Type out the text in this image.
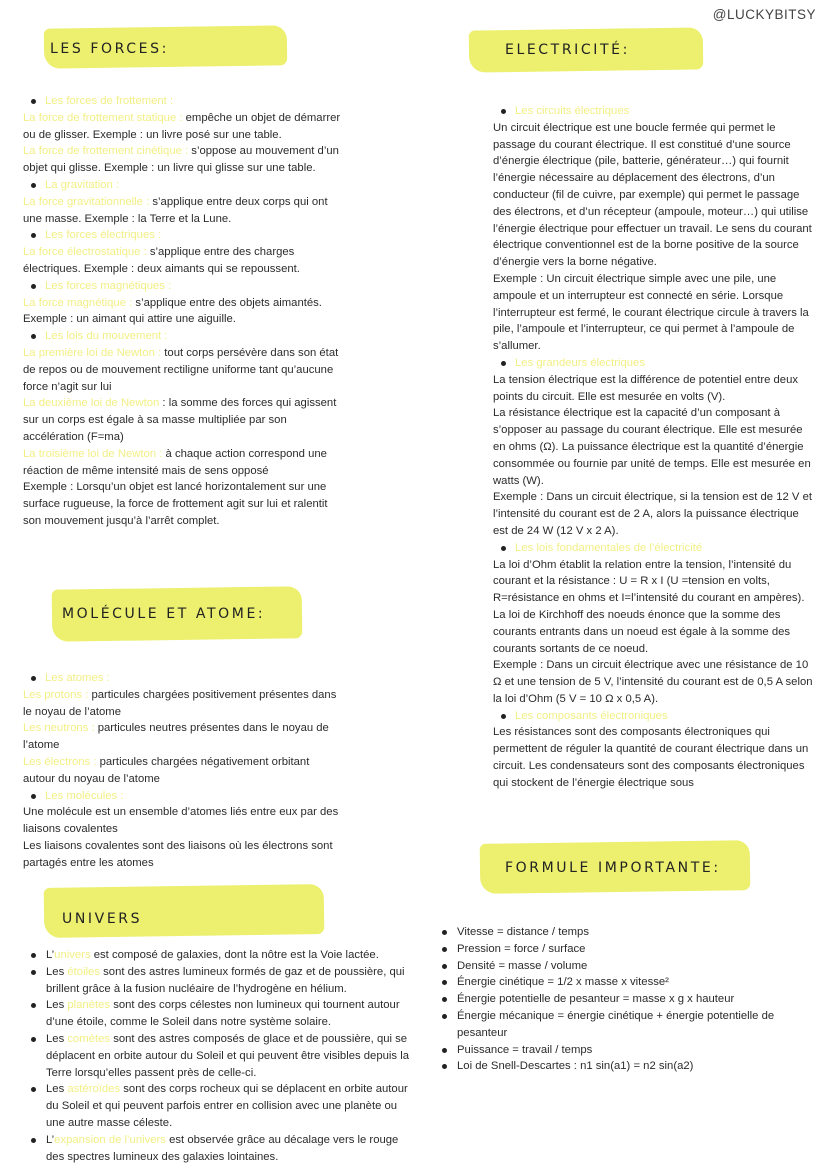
@LUCKYBITSY
LES FORCES:	ELECTRICITÉ:
MOLÉCULE ET ATOME:
FORMULE IMPORTANTE:
UNIVERS

Les forces de frottement :

La force de frottement statique : empêche un objet de démarrer ou de glisser. Exemple : un livre posé sur une table.

La force de frottement cinétique : s’oppose au mouvement d’un objet qui glisse. Exemple : un livre qui glisse sur une table.

La gravitation :

La force gravitationnelle : s’applique entre deux corps qui ont une masse. Exemple : la Terre et la Lune.

Les forces électriques :

La force électrostatique : s’applique entre des charges électriques. Exemple : deux aimants qui se repoussent.

Les forces magnétiques :

La force magnétique : s’applique entre des objets aimantés. Exemple : un aimant qui attire une aiguille.

Les lois du mouvement :

La première loi de Newton : tout corps persévère dans son état de repos ou de mouvement rectiligne uniforme tant qu’aucune force n’agit sur lui

La deuxième loi de Newton : la somme des forces qui agissent sur un corps est égale à sa masse multipliée par son accélération (F=ma)

La troisième loi de Newton : à chaque action correspond une réaction de même intensité mais de sens opposé

Exemple : Lorsqu’un objet est lancé horizontalement sur une surface rugueuse, la force de frottement agit sur lui et ralentit son mouvement jusqu’à l’arrêt complet.

Les atomes :

Les protons : particules chargées positivement présentes dans le noyau de l’atome

Les neutrons : particules neutres présentes dans le noyau de l’atome

Les électrons : particules chargées négativement orbitant autour du noyau de l’atome

Les molécules :

Une molécule est un ensemble d’atomes liés entre eux par des liaisons covalentes

Les liaisons covalentes sont des liaisons où les électrons sont partagés entre les atomes

L’univers est composé de galaxies, dont la nôtre est la Voie lactée.

Les étoiles sont des astres lumineux formés de gaz et de poussière, qui brillent grâce à la fusion nucléaire de l’hydrogène en hélium.

Les planètes sont des corps célestes non lumineux qui tournent autour d’une étoile, comme le Soleil dans notre système solaire.

Les comètes sont des astres composés de glace et de poussière, qui se déplacent en orbite autour du Soleil et qui peuvent être visibles depuis la Terre lorsqu’elles passent près de celle-ci.

Les astéroïdes sont des corps rocheux qui se déplacent en orbite autour du Soleil et qui peuvent parfois entrer en collision avec une planète ou une autre masse céleste.

L’expansion de l’univers est observée grâce au décalage vers le rouge des spectres lumineux des galaxies lointaines.

Les circuits électriques

Un circuit électrique est une boucle fermée qui permet le passage du courant électrique. Il est constitué d’une source d’énergie électrique (pile, batterie, générateur…) qui fournit l’énergie nécessaire au déplacement des électrons, d’un conducteur (fil de cuivre, par exemple) qui permet le passage des électrons, et d’un récepteur (ampoule, moteur…) qui utilise l’énergie électrique pour effectuer un travail. Le sens du courant électrique conventionnel est de la borne positive de la source d’énergie vers la borne négative.

Exemple : Un circuit électrique simple avec une pile, une ampoule et un interrupteur est connecté en série. Lorsque l’interrupteur est fermé, le courant électrique circule à travers la pile, l’ampoule et l’interrupteur, ce qui permet à l’ampoule de s’allumer.

Les grandeurs électriques

La tension électrique est la différence de potentiel entre deux points du circuit. Elle est mesurée en volts (V).

La résistance électrique est la capacité d’un composant à s’opposer au passage du courant électrique. Elle est mesurée en ohms (Ω). La puissance électrique est la quantité d’énergie consommée ou fournie par unité de temps. Elle est mesurée en watts (W).

Exemple : Dans un circuit électrique, si la tension est de 12 V et l’intensité du courant est de 2 A, alors la puissance électrique est de 24 W (12 V x 2 A).

Les lois fondamentales de l’électricité

La loi d’Ohm établit la relation entre la tension, l’intensité du courant et la résistance : U = R x I (U =tension en volts, R=résistance en ohms et I=l’intensité du courant en ampères).

La loi de Kirchhoff des noeuds énonce que la somme des courants entrants dans un noeud est égale à la somme des courants sortants de ce noeud.

Exemple : Dans un circuit électrique avec une résistance de 10 Ω et une tension de 5 V, l’intensité du courant est de 0,5 A selon la loi d’Ohm (5 V = 10 Ω x 0,5 A).

Les composants électroniques

Les résistances sont des composants électroniques qui permettent de réguler la quantité de courant électrique dans un circuit. Les condensateurs sont des composants électroniques qui stockent de l’énergie électrique sous

Vitesse = distance / temps

Pression = force / surface

Densité = masse / volume

Énergie cinétique = 1/2 x masse x vitesse²

Énergie potentielle de pesanteur = masse x g x hauteur

Énergie mécanique = énergie cinétique + énergie potentielle de pesanteur

Puissance = travail / temps

Loi de Snell-Descartes : n1 sin(a1) = n2 sin(a2)
